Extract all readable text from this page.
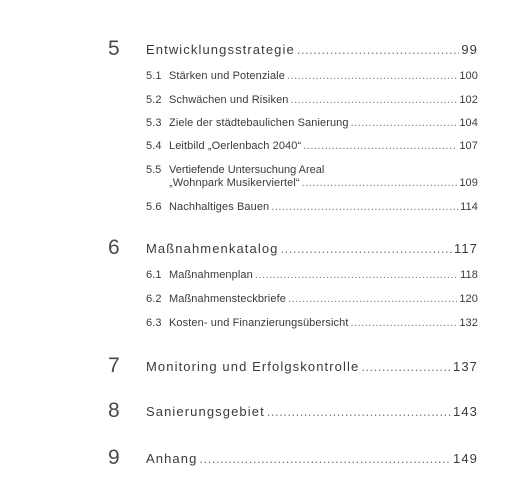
5 Entwicklungsstrategie .....	99
5.1 Stärken und Potenziale .....	100
5.2 Schwächen und Risiken .....	102
5.3 Ziele der städtebaulichen Sanierung .....	104
5.4 Leitbild „Oerlenbach 2040“ .....	107
5.5 Vertiefende Untersuchung Areal
„Wohnpark Musikerviertel“ .....	109
5.6 Nachhaltiges Bauen .....	114
6 Maßnahmenkatalog .....	117
6.1 Maßnahmenplan .....	118
6.2 Maßnahmensteckbriefe .....	120
6.3 Kosten- und Finanzierungsübersicht .....	132
7 Monitoring und Erfolgskontrolle .....	137
8 Sanierungsgebiet .....	143
9 Anhang .....	149
